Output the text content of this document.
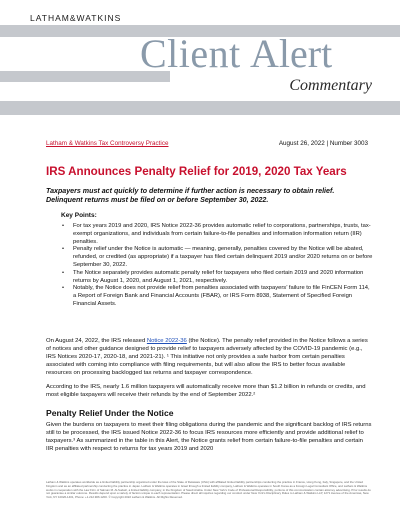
LATHAM&WATKINS
Client Alert
Commentary
Latham & Watkins Tax Controversy Practice	August 26, 2022 | Number 3003
IRS Announces Penalty Relief for 2019, 2020 Tax Years
Taxpayers must act quickly to determine if further action is necessary to obtain relief. Delinquent returns must be filed on or before September 30, 2022.
Key Points:
• For tax years 2019 and 2020, IRS Notice 2022-36 provides automatic relief to corporations, partnerships, trusts, tax-exempt organizations, and individuals from certain failure-to-file penalties and information information return (IIR) penalties.
• Penalty relief under the Notice is automatic — meaning, generally, penalties covered by the Notice will be abated, refunded, or credited (as appropriate) if a taxpayer has filed certain delinquent 2019 and/or 2020 returns on or before September 30, 2022.
• The Notice separately provides automatic penalty relief for taxpayers who filed certain 2019 and 2020 information returns by August 1, 2020, and August 1, 2021, respectively.
• Notably, the Notice does not provide relief from penalties associated with taxpayers’ failure to file FinCEN Form 114, a Report of Foreign Bank and Financial Accounts (FBAR), or IRS Form 8938, Statement of Specified Foreign Financial Assets.

On August 24, 2022, the IRS released Notice 2022-36 (the Notice). The penalty relief provided in the Notice follows a series of notices and other guidance designed to provide relief to taxpayers adversely affected by the COVID-19 pandemic (e.g., IRS Notices 2020-17, 2020-18, and 2021-21). ¹ This initiative not only provides a safe harbor from certain penalties associated with coming into compliance with filing requirements, but will also allow the IRS to better focus available resources on processing backlogged tax returns and taxpayer correspondence.

According to the IRS, nearly 1.6 million taxpayers will automatically receive more than $1.2 billion in refunds or credits, and most eligible taxpayers will receive their refunds by the end of September 2022.²

Penalty Relief Under the Notice

Given the burdens on taxpayers to meet their filing obligations during the pandemic and the significant backlog of IRS returns still to be processed, the IRS issued Notice 2022-36 to focus IRS resources more efficiently and provide additional relief to taxpayers.³ As summarized in the table in this Alert, the Notice grants relief from certain failure-to-file penalties and certain IIR penalties with respect to returns for tax years 2019 and 2020

Latham & Watkins operates worldwide as a limited liability partnership organized under the laws of the State of Delaware (USA) with affiliated limited liability partnerships conducting the practice in France, Hong Kong, Italy, Singapore, and the United Kingdom and as an affiliated partnership conducting the practice in Japan. Latham & Watkins operates in Israel through a limited liability company, Latham & Watkins operates in South Korea as a Foreign Legal Consultant Office, and Latham & Watkins works in cooperation with the Law Firm of Salman M. Al-Sudairi, a limited liability company, in the Kingdom of Saudi Arabia. Under New York’s Code of Professional Responsibility, portions of this communication contain attorney advertising. Prior results do not guarantee a similar outcome. Results depend upon a variety of factors unique to each representation. Please direct all inquiries regarding our conduct under New York’s Disciplinary Rules to Latham & Watkins LLP, 1271 Avenue of the Americas, New York, NY 10020-1401, Phone: +1.212.906.1200. © Copyright 2022 Latham & Watkins. All Rights Reserved.
